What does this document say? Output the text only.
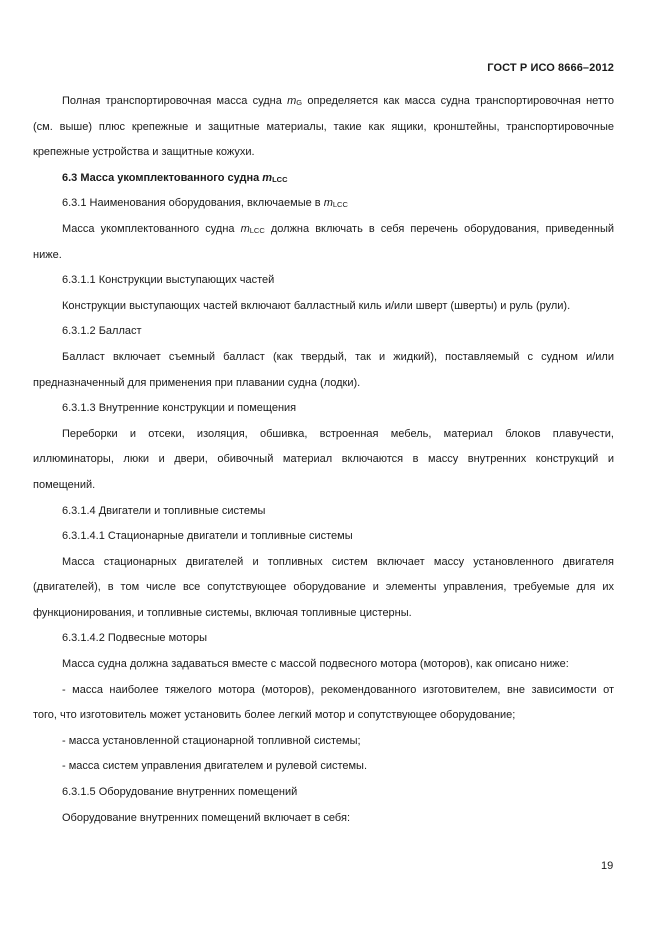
ГОСТ Р ИСО 8666–2012
Полная транспортировочная масса судна mG определяется как масса судна транспортировочная нетто
(см. выше) плюс крепежные и защитные материалы, такие как ящики, кронштейны, транспортировочные
крепежные устройства и защитные кожухи.
6.3 Масса укомплектованного судна mLCC
6.3.1 Наименования оборудования, включаемые в mLCC
Масса укомплектованного судна mLCC должна включать в себя перечень оборудования, приведенный
ниже.
6.3.1.1 Конструкции выступающих частей
Конструкции выступающих частей включают балластный киль и/или шверт (шверты) и руль (рули).
6.3.1.2 Балласт
Балласт включает съемный балласт (как твердый, так и жидкий), поставляемый с судном и/или
предназначенный для применения при плавании судна (лодки).
6.3.1.3 Внутренние конструкции и помещения
Переборки и отсеки, изоляция, обшивка, встроенная мебель, материал блоков плавучести,
иллюминаторы, люки и двери, обивочный материал включаются в массу внутренних конструкций и
помещений.
6.3.1.4 Двигатели и топливные системы
6.3.1.4.1 Стационарные двигатели и топливные системы
Масса стационарных двигателей и топливных систем включает массу установленного двигателя
(двигателей), в том числе все сопутствующее оборудование и элементы управления, требуемые для их
функционирования, и топливные системы, включая топливные цистерны.
6.3.1.4.2 Подвесные моторы
Масса судна должна задаваться вместе с массой подвесного мотора (моторов), как описано ниже:
- масса наиболее тяжелого мотора (моторов), рекомендованного изготовителем, вне зависимости от
того, что изготовитель может установить более легкий мотор и сопутствующее оборудование;
- масса установленной стационарной топливной системы;
- масса систем управления двигателем и рулевой системы.
6.3.1.5 Оборудование внутренних помещений
Оборудование внутренних помещений включает в себя:
19
